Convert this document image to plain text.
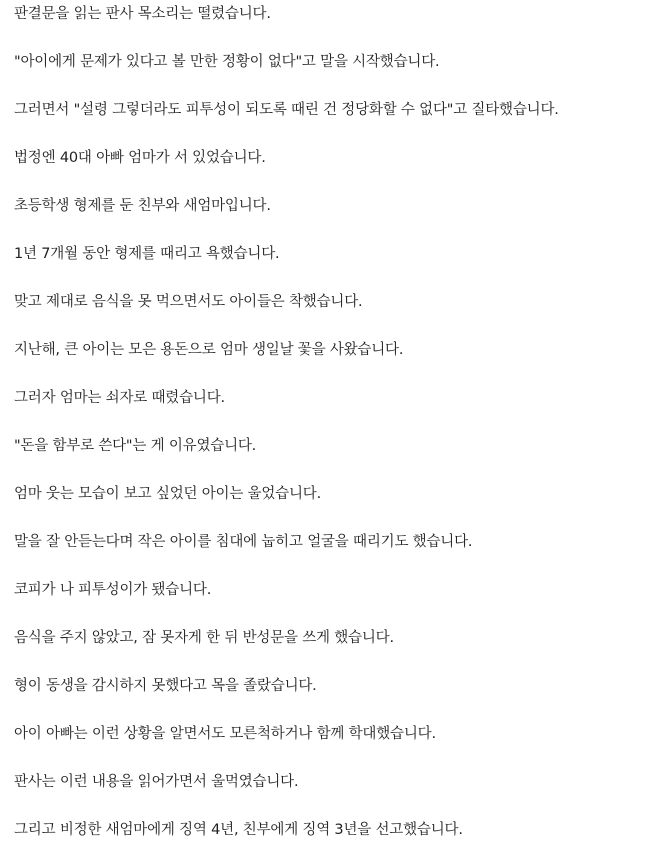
판결문을 읽는 판사 목소리는 떨렸습니다.

"아이에게 문제가 있다고 볼 만한 정황이 없다"고 말을 시작했습니다.

그러면서 "설령 그렇더라도 피투성이 되도록 때린 건 정당화할 수 없다"고 질타했습니다.

법정엔 40대 아빠 엄마가 서 있었습니다.

초등학생 형제를 둔 친부와 새엄마입니다.

1년 7개월 동안 형제를 때리고 욕했습니다.

맞고 제대로 음식을 못 먹으면서도 아이들은 착했습니다.

지난해, 큰 아이는 모은 용돈으로 엄마 생일날 꽃을 사왔습니다.

그러자 엄마는 쇠자로 때렸습니다.

"돈을 함부로 쓴다"는 게 이유였습니다.

엄마 웃는 모습이 보고 싶었던 아이는 울었습니다.

말을 잘 안듣는다며 작은 아이를 침대에 눕히고 얼굴을 때리기도 했습니다.

코피가 나 피투성이가 됐습니다.

음식을 주지 않았고, 잠 못자게 한 뒤 반성문을 쓰게 했습니다.

형이 동생을 감시하지 못했다고 목을 졸랐습니다.

아이 아빠는 이런 상황을 알면서도 모른척하거나 함께 학대했습니다.

판사는 이런 내용을 읽어가면서 울먹였습니다.

그리고 비정한 새엄마에게 징역 4년, 친부에게 징역 3년을 선고했습니다.
